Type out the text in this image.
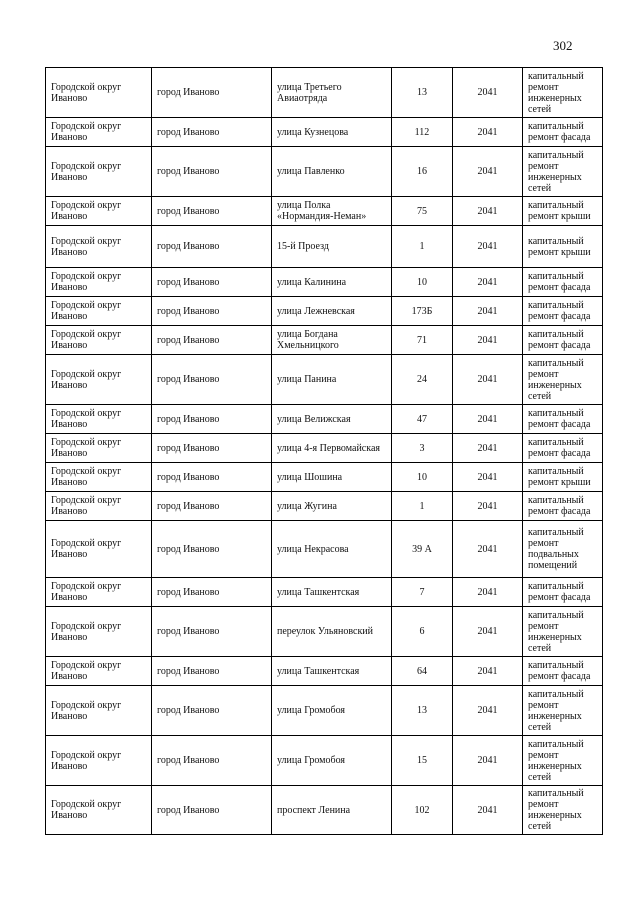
302
Городской округ Иваново	город Иваново	улица Третьего Авиаотряда	13	2041	капитальный ремонт инженерных сетей
Городской округ Иваново	город Иваново	улица Кузнецова	112	2041	капитальный ремонт фасада
Городской округ Иваново	город Иваново	улица Павленко	16	2041	капитальный ремонт инженерных сетей
Городской округ Иваново	город Иваново	улица Полка «Нормандия-Неман»	75	2041	капитальный ремонт крыши
Городской округ Иваново	город Иваново	15-й Проезд	1	2041	капитальный ремонт крыши
Городской округ Иваново	город Иваново	улица Калинина	10	2041	капитальный ремонт фасада
Городской округ Иваново	город Иваново	улица Лежневская	173Б	2041	капитальный ремонт фасада
Городской округ Иваново	город Иваново	улица Богдана Хмельницкого	71	2041	капитальный ремонт фасада
Городской округ Иваново	город Иваново	улица Панина	24	2041	капитальный ремонт инженерных сетей
Городской округ Иваново	город Иваново	улица Велижская	47	2041	капитальный ремонт фасада
Городской округ Иваново	город Иваново	улица 4-я Первомайская	3	2041	капитальный ремонт фасада
Городской округ Иваново	город Иваново	улица Шошина	10	2041	капитальный ремонт крыши
Городской округ Иваново	город Иваново	улица Жугина	1	2041	капитальный ремонт фасада
Городской округ Иваново	город Иваново	улица Некрасова	39 А	2041	капитальный ремонт подвальных помещений
Городской округ Иваново	город Иваново	улица Ташкентская	7	2041	капитальный ремонт фасада
Городской округ Иваново	город Иваново	переулок Ульяновский	6	2041	капитальный ремонт инженерных сетей
Городской округ Иваново	город Иваново	улица Ташкентская	64	2041	капитальный ремонт фасада
Городской округ Иваново	город Иваново	улица Громобоя	13	2041	капитальный ремонт инженерных сетей
Городской округ Иваново	город Иваново	улица Громобоя	15	2041	капитальный ремонт инженерных сетей
Городской округ Иваново	город Иваново	проспект Ленина	102	2041	капитальный ремонт инженерных сетей
